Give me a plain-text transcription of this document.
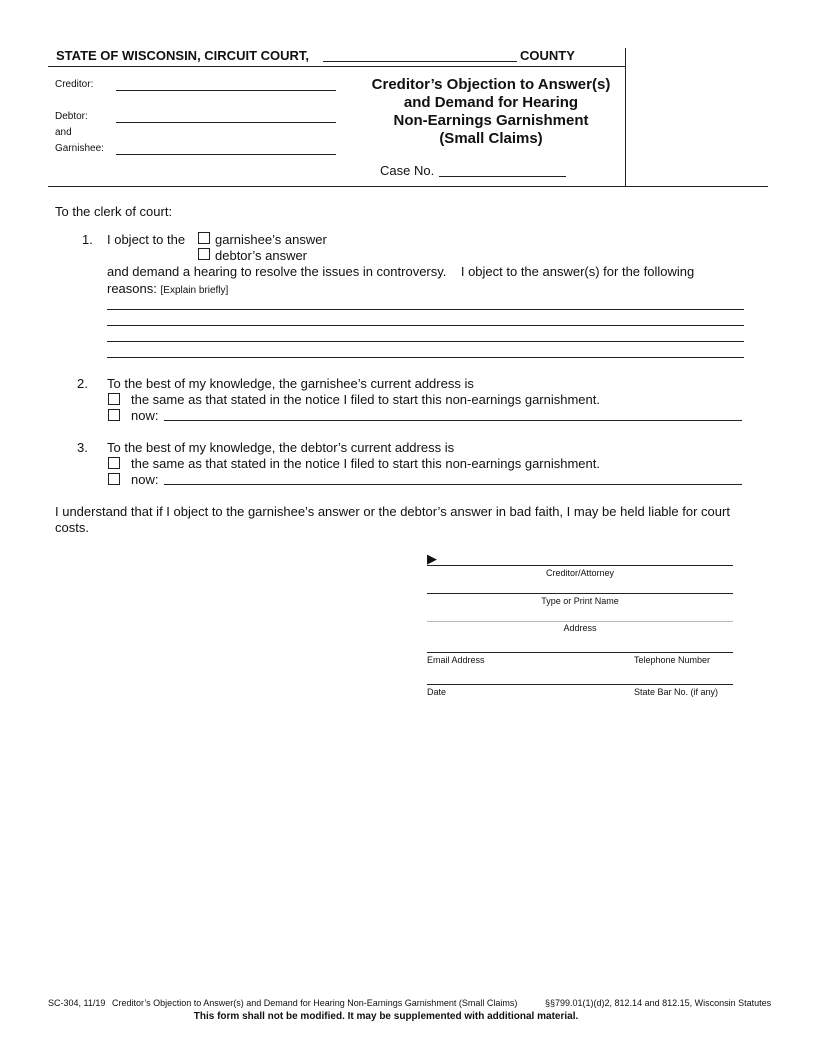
STATE OF WISCONSIN, CIRCUIT COURT,	COUNTY
Creditor:
Debtor:
and
Garnishee:
Creditor’s Objection to Answer(s)
and Demand for Hearing
Non-Earnings Garnishment
(Small Claims)
Case No.
To the clerk of court:
1. I object to the garnishee’s answer
debtor’s answer
and demand a hearing to resolve the issues in controversy.    I object to the answer(s) for the following
reasons: [Explain briefly]
2. To the best of my knowledge, the garnishee’s current address is
the same as that stated in the notice I filed to start this non-earnings garnishment.
now:
3. To the best of my knowledge, the debtor’s current address is
the same as that stated in the notice I filed to start this non-earnings garnishment.
now:
I understand that if I object to the garnishee’s answer or the debtor’s answer in bad faith, I may be held liable for court costs.
▶
Creditor/Attorney
Type or Print Name
Address
Email Address	Telephone Number
Date	State Bar No. (if any)
SC-304, 11/19 Creditor’s Objection to Answer(s) and Demand for Hearing Non-Earnings Garnishment (Small Claims)	§§799.01(1)(d)2, 812.14 and 812.15, Wisconsin Statutes
This form shall not be modified. It may be supplemented with additional material.
